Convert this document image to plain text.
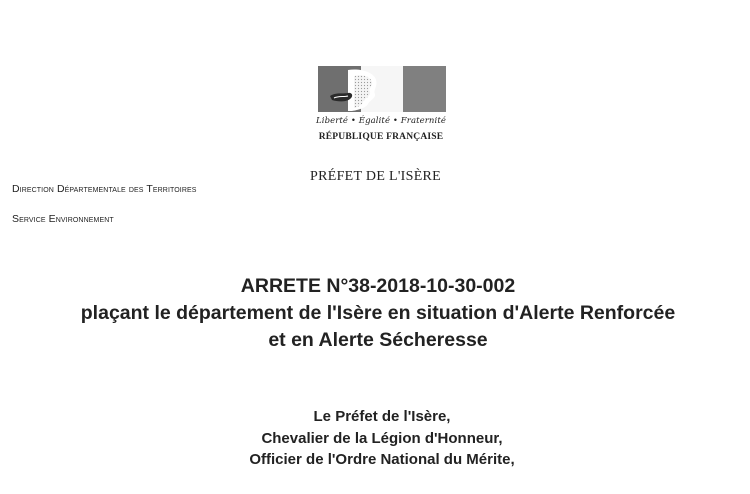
Liberté • Égalité • Fraternité
RÉPUBLIQUE FRANÇAISE
PRÉFET DE L'ISÈRE
Direction Départementale des Territoires
Service Environnement
ARRETE N°38-2018-10-30-002
plaçant le département de l'Isère en situation d'Alerte Renforcée
et en Alerte Sécheresse
Le Préfet de l'Isère,
Chevalier de la Légion d'Honneur,
Officier de l'Ordre National du Mérite,
